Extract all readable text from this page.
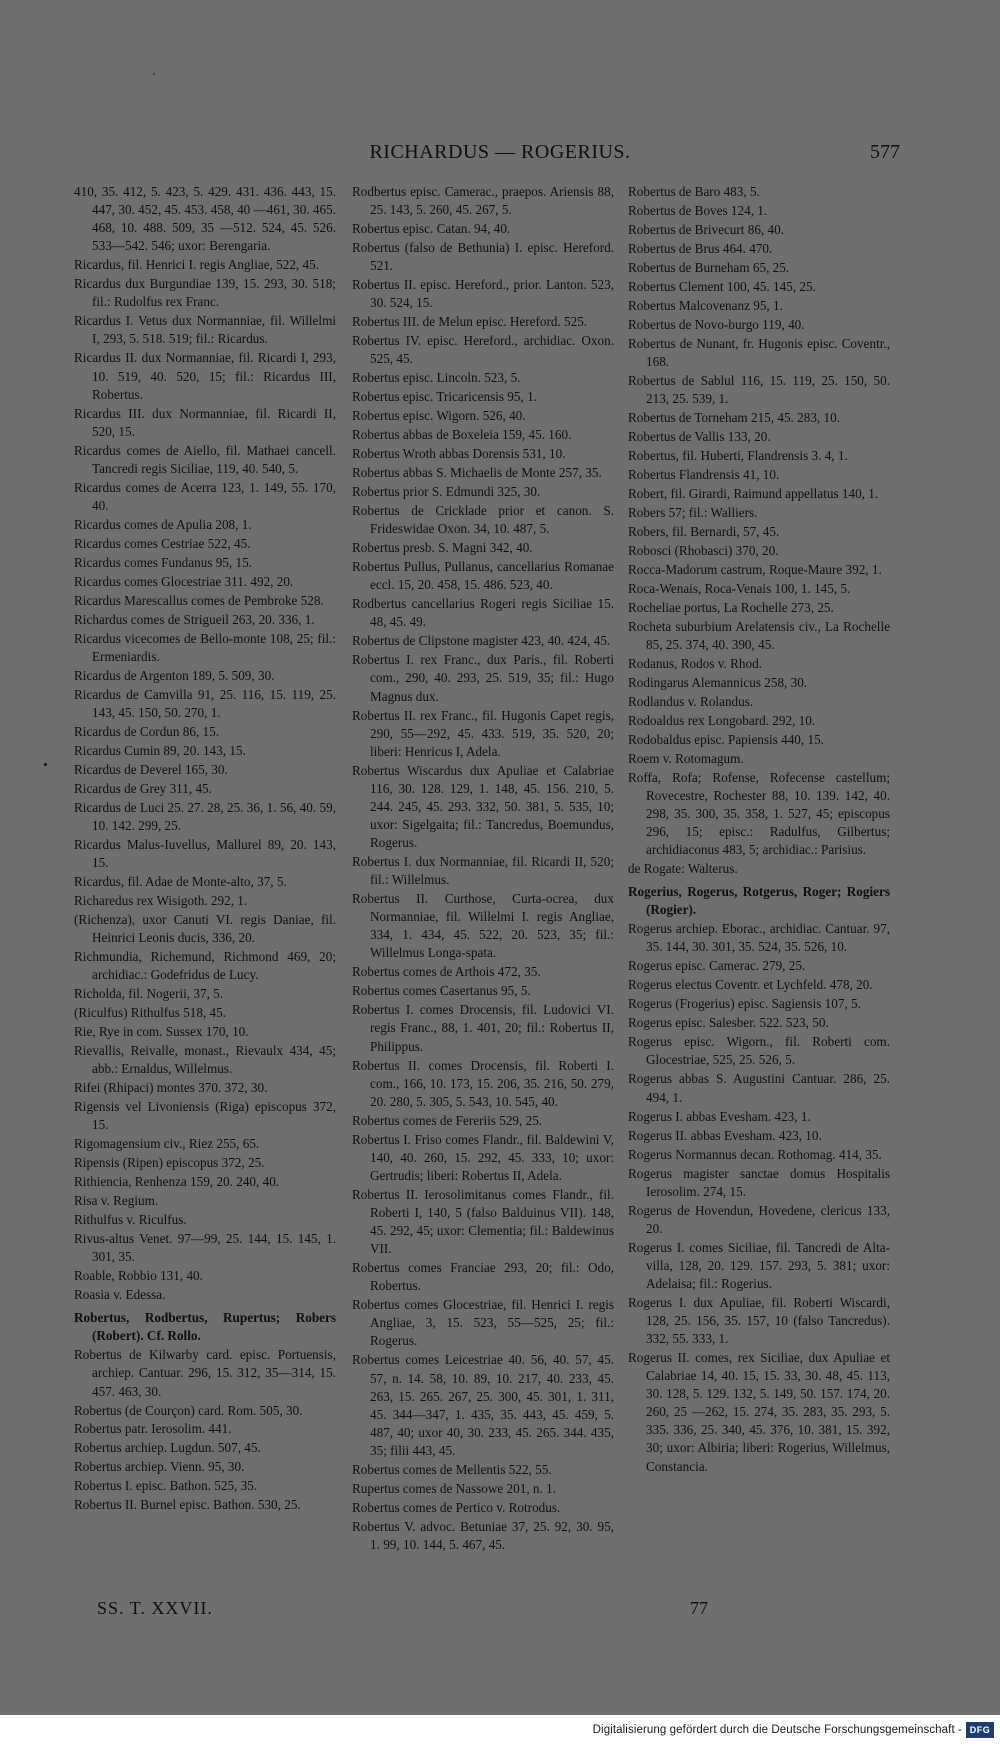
RICHARDUS — ROGERIUS.	577
410, 35. 412, 5. 423, 5. 429. 431. 436. 443, 15. 447, 30. 452, 45. 453. 458, 40 —461, 30. 465. 468, 10. 488. 509, 35 —512. 524, 45. 526. 533—542. 546; uxor: Berengaria.
Ricardus, fil. Henrici I. regis Angliae, 522, 45.
Ricardus dux Burgundiae 139, 15. 293, 30. 518; fil.: Rudolfus rex Franc.
Ricardus I. Vetus dux Normanniae, fil. Willelmi I, 293, 5. 518. 519; fil.: Ricardus.
Ricardus II. dux Normanniae, fil. Ricardi I, 293, 10. 519, 40. 520, 15; fil.: Ricardus III, Robertus.
Ricardus III. dux Normanniae, fil. Ricardi II, 520, 15.
Ricardus comes de Aiello, fil. Mathaei cancell. Tancredi regis Siciliae, 119, 40. 540, 5.
Ricardus comes de Acerra 123, 1. 149, 55. 170, 40.
Ricardus comes de Apulia 208, 1.
Ricardus comes Cestriae 522, 45.
Ricardus comes Fundanus 95, 15.
Ricardus comes Glocestriae 311. 492, 20.
Ricardus Marescallus comes de Pembroke 528.
Richardus comes de Strigueil 263, 20. 336, 1.
Ricardus vicecomes de Bello-monte 108, 25; fil.: Ermeniardis.
Ricardus de Argenton 189, 5. 509, 30.
Ricardus de Camvilla 91, 25. 116, 15. 119, 25. 143, 45. 150, 50. 270, 1.
Ricardus de Cordun 86, 15.
Ricardus Cumin 89, 20. 143, 15.
Ricardus de Deverel 165, 30.
Ricardus de Grey 311, 45.
Ricardus de Luci 25. 27. 28, 25. 36, 1. 56, 40. 59, 10. 142. 299, 25.
Ricardus Malus-Iuvellus, Mallurel 89, 20. 143, 15.
Ricardus, fil. Adae de Monte-alto, 37, 5.
Richaredus rex Wisigoth. 292, 1.
(Richenza), uxor Canuti VI. regis Daniae, fil. Heinrici Leonis ducis, 336, 20.
Richmundia, Richemund, Richmond 469, 20; archidiac.: Godefridus de Lucy.
Richolda, fil. Nogerii, 37, 5.
(Riculfus) Rithulfus 518, 45.
Rie, Rye in com. Sussex 170, 10.
Rievallis, Reivalle, monast., Rievaulx 434, 45; abb.: Ernaldus, Willelmus.
Rifei (Rhipaci) montes 370. 372, 30.
Rigensis vel Livoniensis (Riga) episcopus 372, 15.
Rigomagensium civ., Riez 255, 65.
Ripensis (Ripen) episcopus 372, 25.
Rithiencia, Renhenza 159, 20. 240, 40.
Risa v. Regium.
Rithulfus v. Riculfus.
Rivus-altus Venet. 97—99, 25. 144, 15. 145, 1. 301, 35.
Roable, Robbio 131, 40.
Roasia v. Edessa.
Robertus, Rodbertus, Rupertus; Robers (Robert). Cf. Rollo.
Robertus de Kilwarby card. episc. Portuensis, archiep. Cantuar. 296, 15. 312, 35—314, 15. 457. 463, 30.
Robertus (de Courçon) card. Rom. 505, 30.
Robertus patr. Ierosolim. 441.
Robertus archiep. Lugdun. 507, 45.
Robertus archiep. Vienn. 95, 30.
Robertus I. episc. Bathon. 525, 35.
Robertus II. Burnel episc. Bathon. 530, 25.
Rodbertus episc. Camerac., praepos. Ariensis 88, 25. 143, 5. 260, 45. 267, 5.
Robertus episc. Catan. 94, 40.
Robertus (falso de Bethunia) I. episc. Hereford. 521.
Robertus II. episc. Hereford., prior. Lanton. 523, 30. 524, 15.
Robertus III. de Melun episc. Hereford. 525.
Robertus IV. episc. Hereford., archidiac. Oxon. 525, 45.
Robertus episc. Lincoln. 523, 5.
Robertus episc. Tricaricensis 95, 1.
Robertus episc. Wigorn. 526, 40.
Robertus abbas de Boxeleia 159, 45. 160.
Robertus Wroth abbas Dorensis 531, 10.
Robertus abbas S. Michaelis de Monte 257, 35.
Robertus prior S. Edmundi 325, 30.
Robertus de Cricklade prior et canon. S. Frideswidae Oxon. 34, 10. 487, 5.
Robertus presb. S. Magni 342, 40.
Robertus Pullus, Pullanus, cancellarius Romanae eccl. 15, 20. 458, 15. 486. 523, 40.
Rodbertus cancellarius Rogeri regis Siciliae 15. 48, 45. 49.
Robertus de Clipstone magister 423, 40. 424, 45.
Robertus I. rex Franc., dux Paris., fil. Roberti com., 290, 40. 293, 25. 519, 35; fil.: Hugo Magnus dux.
Robertus II. rex Franc., fil. Hugonis Capet regis, 290, 55—292, 45. 433. 519, 35. 520, 20; liberi: Henricus I, Adela.
Robertus Wiscardus dux Apuliae et Calabriae 116, 30. 128. 129, 1. 148, 45. 156. 210, 5. 244. 245, 45. 293. 332, 50. 381, 5. 535, 10; uxor: Sigelgaita; fil.: Tancredus, Boemundus, Rogerus.
Robertus I. dux Normanniae, fil. Ricardi II, 520; fil.: Willelmus.
Robertus II. Curthose, Curta-ocrea, dux Normanniae, fil. Willelmi I. regis Angliae, 334, 1. 434, 45. 522, 20. 523, 35; fil.: Willelmus Longa-spata.
Robertus comes de Arthois 472, 35.
Robertus comes Casertanus 95, 5.
Robertus I. comes Drocensis, fil. Ludovici VI. regis Franc., 88, 1. 401, 20; fil.: Robertus II, Philippus.
Robertus II. comes Drocensis, fil. Roberti I. com., 166, 10. 173, 15. 206, 35. 216, 50. 279, 20. 280, 5. 305, 5. 543, 10. 545, 40.
Robertus comes de Fereriis 529, 25.
Robertus I. Friso comes Flandr., fil. Baldewini V, 140, 40. 260, 15. 292, 45. 333, 10; uxor: Gertrudis; liberi: Robertus II, Adela.
Robertus II. Ierosolimitanus comes Flandr., fil. Roberti I, 140, 5 (falso Balduinus VII). 148, 45. 292, 45; uxor: Clementia; fil.: Baldewinus VII.
Robertus comes Franciae 293, 20; fil.: Odo, Robertus.
Robertus comes Glocestriae, fil. Henrici I. regis Angliae, 3, 15. 523, 55—525, 25; fil.: Rogerus.
Robertus comes Leicestriae 40. 56, 40. 57, 45. 57, n. 14. 58, 10. 89, 10. 217, 40. 233, 45. 263, 15. 265. 267, 25. 300, 45. 301, 1. 311, 45. 344—347, 1. 435, 35. 443, 45. 459, 5. 487, 40; uxor 40, 30. 233, 45. 265. 344. 435, 35; filii 443, 45.
Robertus comes de Mellentis 522, 55.
Rupertus comes de Nassowe 201, n. 1.
Robertus comes de Pertico v. Rotrodus.
Robertus V. advoc. Betuniae 37, 25. 92, 30. 95, 1. 99, 10. 144, 5. 467, 45.
Robertus de Baro 483, 5.
Robertus de Boves 124, 1.
Robertus de Brivecurt 86, 40.
Robertus de Brus 464. 470.
Robertus de Burneham 65, 25.
Robertus Clement 100, 45. 145, 25.
Robertus Malcovenanz 95, 1.
Robertus de Novo-burgo 119, 40.
Robertus de Nunant, fr. Hugonis episc. Coventr., 168.
Robertus de Sablul 116, 15. 119, 25. 150, 50. 213, 25. 539, 1.
Robertus de Torneham 215, 45. 283, 10.
Robertus de Vallis 133, 20.
Robertus, fil. Huberti, Flandrensis 3. 4, 1.
Robertus Flandrensis 41, 10.
Robert, fil. Girardi, Raimund appellatus 140, 1.
Robers 57; fil.: Walliers.
Robers, fil. Bernardi, 57, 45.
Robosci (Rhobasci) 370, 20.
Rocca-Madorum castrum, Roque-Maure 392, 1.
Roca-Wenais, Roca-Venais 100, 1. 145, 5.
Rocheliae portus, La Rochelle 273, 25.
Rocheta suburbium Arelatensis civ., La Rochelle 85, 25. 374, 40. 390, 45.
Rodanus, Rodos v. Rhod.
Rodingarus Alemannicus 258, 30.
Rodlandus v. Rolandus.
Rodoaldus rex Longobard. 292, 10.
Rodobaldus episc. Papiensis 440, 15.
Roem v. Rotomagum.
Roffa, Rofa; Rofense, Rofecense castellum; Rovecestre, Rochester 88, 10. 139. 142, 40. 298, 35. 300, 35. 358, 1. 527, 45; episcopus 296, 15; episc.: Radulfus, Gilbertus; archidiaconus 483, 5; archidiac.: Parisius.
de Rogate: Walterus.
Rogerius, Rogerus, Rotgerus, Roger; Rogiers (Rogier).
Rogerus archiep. Eborac., archidiac. Cantuar. 97, 35. 144, 30. 301, 35. 524, 35. 526, 10.
Rogerus episc. Camerac. 279, 25.
Rogerus electus Coventr. et Lychfeld. 478, 20.
Rogerus (Frogerius) episc. Sagiensis 107, 5.
Rogerus episc. Salesber. 522. 523, 50.
Rogerus episc. Wigorn., fil. Roberti com. Glocestriae, 525, 25. 526, 5.
Rogerus abbas S. Augustini Cantuar. 286, 25. 494, 1.
Rogerus I. abbas Evesham. 423, 1.
Rogerus II. abbas Evesham. 423, 10.
Rogerus Normannus decan. Rothomag. 414, 35.
Rogerus magister sanctae domus Hospitalis Ierosolim. 274, 15.
Rogerus de Hovendun, Hovedene, clericus 133, 20.
Rogerus I. comes Siciliae, fil. Tancredi de Alta-villa, 128, 20. 129. 157. 293, 5. 381; uxor: Adelaisa; fil.: Rogerius.
Rogerus I. dux Apuliae, fil. Roberti Wiscardi, 128, 25. 156, 35. 157, 10 (falso Tancredus). 332, 55. 333, 1.
Rogerus II. comes, rex Siciliae, dux Apuliae et Calabriae 14, 40. 15, 15. 33, 30. 48, 45. 113, 30. 128, 5. 129. 132, 5. 149, 50. 157. 174, 20. 260, 25 —262, 15. 274, 35. 283, 35. 293, 5. 335. 336, 25. 340, 45. 376, 10. 381, 15. 392, 30; uxor: Albiria; liberi: Rogerius, Willelmus, Constancia.
SS. T. XXVII.	77
Digitalisierung gefördert durch die Deutsche Forschungsgemeinschaft - DFG
